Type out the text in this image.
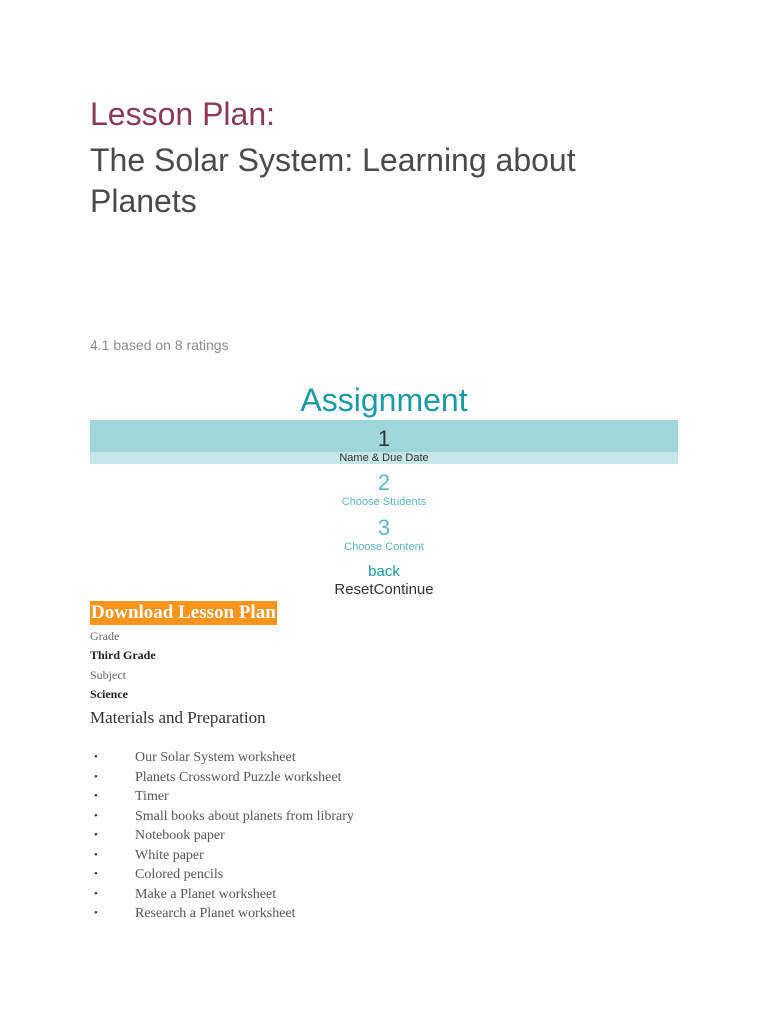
Lesson Plan:
The Solar System: Learning about Planets
4.1 based on 8 ratings
Assignment
1
Name & Due Date
2
Choose Students
3
Choose Content
back
ResetContinue
Download Lesson Plan
Grade
Third Grade
Subject
Science
Materials and Preparation
•	Our Solar System worksheet
•	Planets Crossword Puzzle worksheet
•	Timer
•	Small books about planets from library
•	Notebook paper
•	White paper
•	Colored pencils
•	Make a Planet worksheet
•	Research a Planet worksheet
